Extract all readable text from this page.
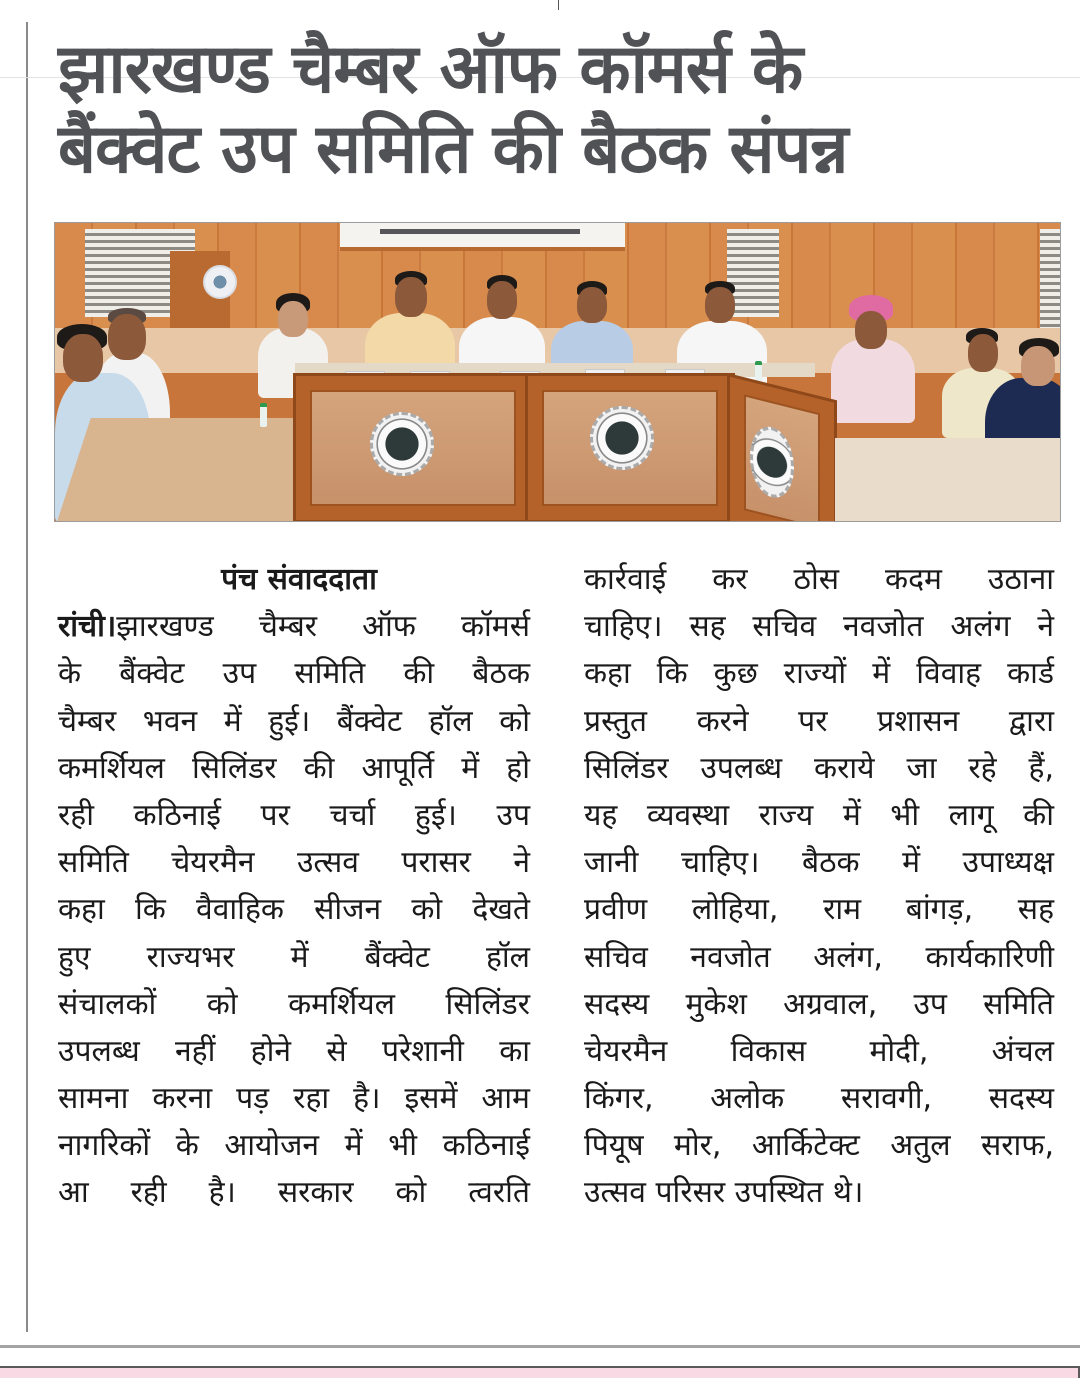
झारखण्ड चैम्बर ऑफ कॉमर्स के
बैंक्वेट उप समिति की बैठक संपन्न
पंच संवाददाता
रांची।झारखण्ड चैम्बर ऑफ कॉमर्स
के बैंक्वेट उप समिति की बैठक
चैम्बर भवन में हुई। बैंक्वेट हॉल को
कमर्शियल सिलिंडर की आपूर्ति में हो
रही कठिनाई पर चर्चा हुई। उप
समिति चेयरमैन उत्सव परासर ने
कहा कि वैवाहिक सीजन को देखते
हुए राज्यभर में बैंक्वेट हॉल
संचालकों को कमर्शियल सिलिंडर
उपलब्ध नहीं होने से परेशानी का
सामना करना पड़ रहा है। इसमें आम
नागरिकों के आयोजन में भी कठिनाई
आ रही है। सरकार को त्वरति
कार्रवाई कर ठोस कदम उठाना
चाहिए। सह सचिव नवजोत अलंग ने
कहा कि कुछ राज्यों में विवाह कार्ड
प्रस्तुत करने पर प्रशासन द्वारा
सिलिंडर उपलब्ध कराये जा रहे हैं,
यह व्यवस्था राज्य में भी लागू की
जानी चाहिए। बैठक में उपाध्यक्ष
प्रवीण लोहिया, राम बांगड़, सह
सचिव नवजोत अलंग, कार्यकारिणी
सदस्य मुकेश अग्रवाल, उप समिति
चेयरमैन विकास मोदी, अंचल
किंगर, अलोक सरावगी, सदस्य
पियूष मोर, आर्किटेक्ट अतुल सराफ,
उत्सव परिसर उपस्थित थे।
